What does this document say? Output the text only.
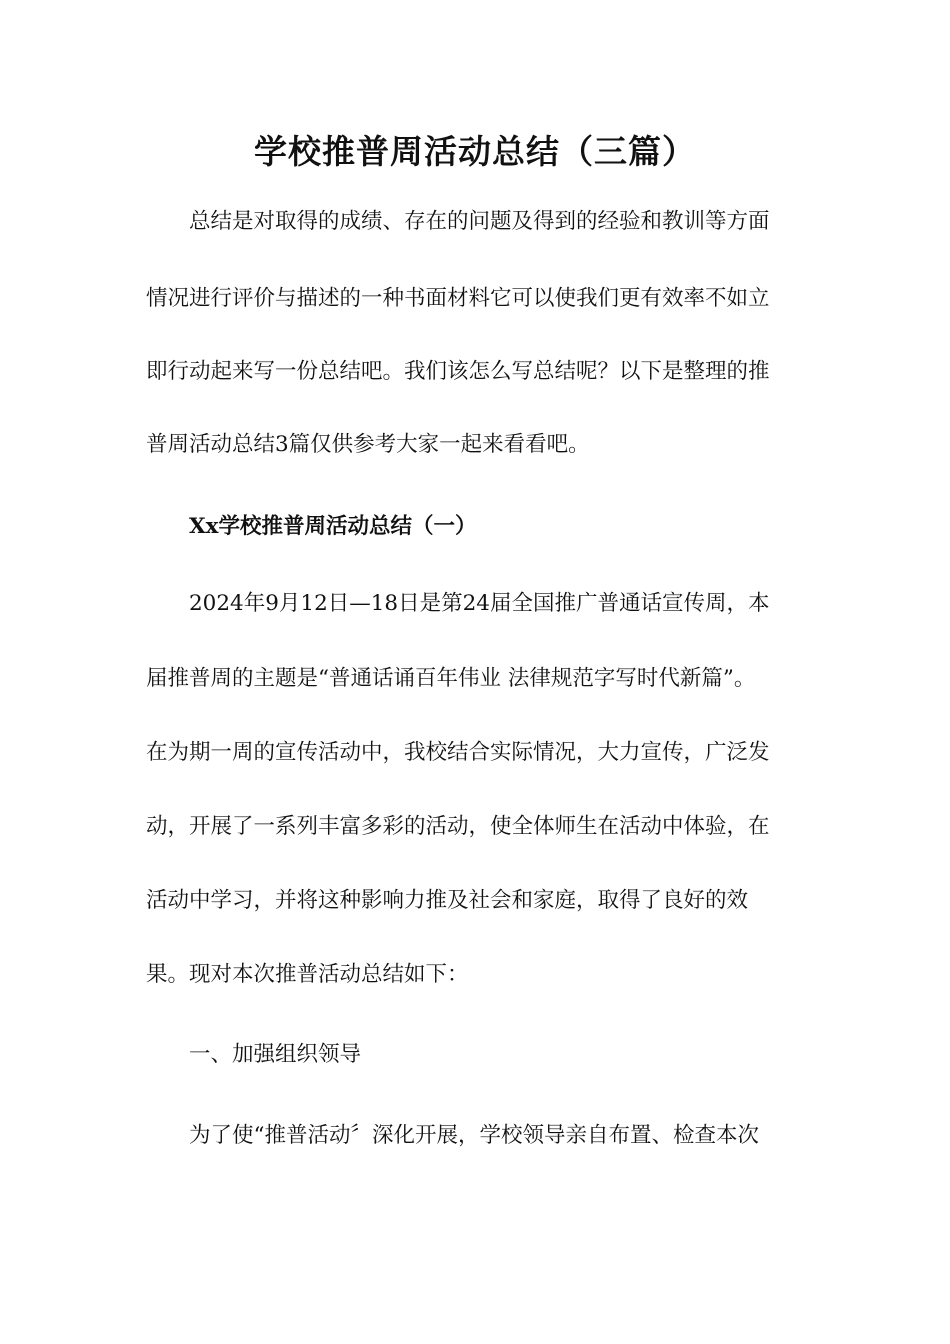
学校推普周活动总结（三篇）
总结是对取得的成绩、存在的问题及得到的经验和教训等方面
情况进行评价与描述的一种书面材料它可以使我们更有效率不如立
即行动起来写一份总结吧。我们该怎么写总结呢？以下是整理的推
普周活动总结3篇仅供参考大家一起来看看吧。
Xx学校推普周活动总结（一）
2024年9月12日—18日是第24届全国推广普通话宣传周，本
届推普周的主题是“普通话诵百年伟业 法律规范字写时代新篇”。
在为期一周的宣传活动中，我校结合实际情况，大力宣传，广泛发
动，开展了一系列丰富多彩的活动，使全体师生在活动中体验，在
活动中学习，并将这种影响力推及社会和家庭，取得了良好的效
果。现对本次推普活动总结如下：
一、加强组织领导
为了使“推普活动〞深化开展，学校领导亲自布置、检查本次
